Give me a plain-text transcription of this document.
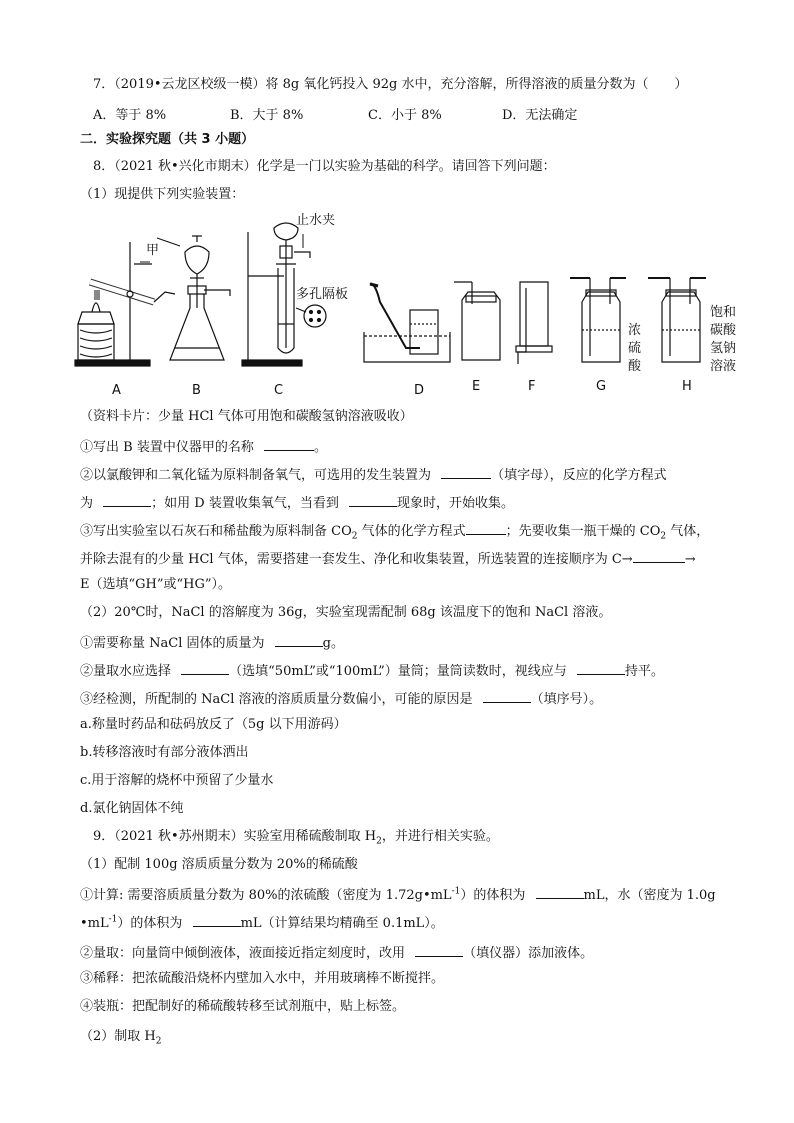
7．（2019•云龙区校级一模）将 8g 氧化钙投入 92g 水中，充分溶解，所得溶液的质量分数为（　　）
A．等于 8%	B．大于 8%	C．小于 8%	D．无法确定
二．实验探究题（共 3 小题）
8．（2021 秋•兴化市期末）化学是一门以实验为基础的科学。请回答下列问题：
（1）现提供下列实验装置：
甲
止水夹
多孔隔板
浓
硫
酸
饱和
碳酸
氢钠
溶液
A	B	C	D	E	F	G	H
（资料卡片：少量 HCl 气体可用饱和碳酸氢钠溶液吸收）
①写出 B 装置中仪器甲的名称	。
②以氯酸钾和二氧化锰为原料制备氧气，可选用的发生装置为	（填字母），反应的化学方程式
为	；如用 D 装置收集氧气，当看到	现象时，开始收集。
③写出实验室以石灰石和稀盐酸为原料制备 $CO_2$ 气体的化学方程式	；先要收集一瓶干燥的 $CO_2$ 气体，
并除去混有的少量 HCl 气体，需要搭建一套发生、净化和收集装置，所选装置的连接顺序为 C→	→
E（选填“GH”或“HG”）。
（2）20℃时，NaCl 的溶解度为 36g，实验室现需配制 68g 该温度下的饱和 NaCl 溶液。
①需要称量 NaCl 固体的质量为	g。
②量取水应选择	（选填“50mL”或“100mL”）量筒；量筒读数时，视线应与	持平。
③经检测，所配制的 NaCl 溶液的溶质质量分数偏小，可能的原因是	（填序号）。
a.称量时药品和砝码放反了（5g 以下用游码）
b.转移溶液时有部分液体洒出
c.用于溶解的烧杯中预留了少量水
d.氯化钠固体不纯
9．（2021 秋•苏州期末）实验室用稀硫酸制取 $H_2$，并进行相关实验。
（1）配制 100g 溶质质量分数为 20%的稀硫酸
①计算: 需要溶质质量分数为 80%的浓硫酸（密度为 $1.72g•mL^{-1}$）的体积为	mL，水（密度为 1.0g
$•mL^{-1}$）的体积为	mL（计算结果均精确至 0.1mL）。
②量取：向量筒中倾倒液体，液面接近指定刻度时，改用	（填仪器）添加液体。
③稀释：把浓硫酸沿烧杯内壁加入水中，并用玻璃棒不断搅拌。
④装瓶：把配制好的稀硫酸转移至试剂瓶中，贴上标签。
（2）制取 $H_2$
